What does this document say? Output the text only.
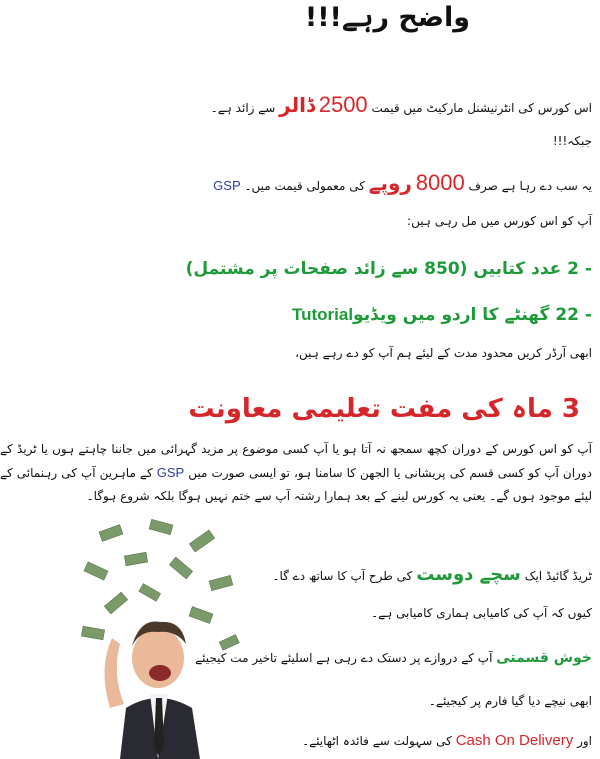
واضح رہے!!!
اس کورس کی انٹرنیشنل مارکیٹ میں قیمت 2500 ڈالر سے زائد ہے۔
جبکہ!!!
GSP	یہ سب دے رہا ہے صرف 8000 روپے کی معمولی قیمت میں۔
آپ کو اس کورس میں مل رہی ہیں:
- 2 عدد کتابیں (850 سے زائد صفحات پر مشتمل)
- 22 گھنٹے کا اردو میں ویڈیوTutorial
ابھی آرڈر کریں محدود مدت کے لیئے ہم آپ کو دے رہے ہیں،
3 ماہ کی مفت تعلیمی معاونت
آپ کو اس کورس کے دوران کچھ سمجھ نہ آتا ہو یا آپ کسی موضوع پر مزید گہرائی میں جاننا چاہتے ہوں یا ٹریڈ کے دوران آپ کو کسی قسم کی پریشانی یا الجھن کا سامنا ہو، تو ایسی صورت میں GSP کے ماہرین آپ کی رہنمائی کے لیئے موجود ہوں گے۔ یعنی یہ کورس لینے کے بعد ہمارا رشتہ آپ سے ختم نہیں ہوگا بلکہ شروع ہوگا۔
ٹریڈ گائیڈ ایک سچے دوست کی طرح آپ کا ساتھ دے گا۔
کیوں کہ آپ کی کامیابی ہماری کامیابی ہے۔
خوش قسمتی آپ کے دروازے پر دستک دے رہی ہے اسلیئے تاخیر مت کیجیئے
ابھی نیچے دیا گیا فارم پر کیجیئے۔
اور Cash On Delivery کی سہولت سے فائدہ اٹھایئے۔
